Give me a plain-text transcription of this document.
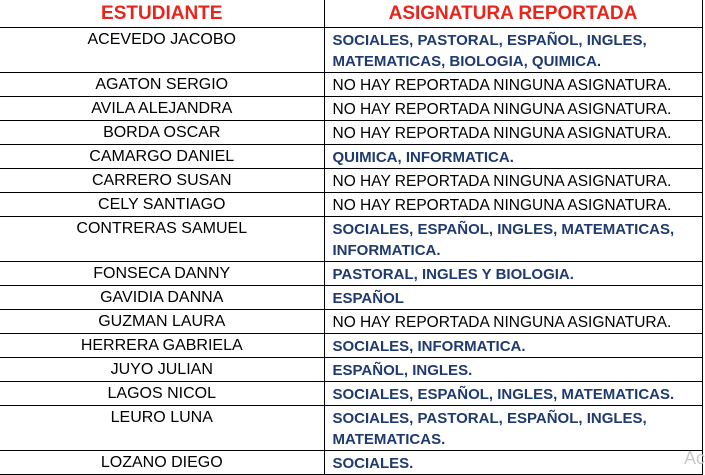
ESTUDIANTE	ASIGNATURA REPORTADA
ACEVEDO JACOBO	SOCIALES, PASTORAL, ESPAÑOL, INGLES, MATEMATICAS, BIOLOGIA, QUIMICA.
AGATON SERGIO	NO HAY REPORTADA NINGUNA ASIGNATURA.
AVILA ALEJANDRA	NO HAY REPORTADA NINGUNA ASIGNATURA.
BORDA OSCAR	NO HAY REPORTADA NINGUNA ASIGNATURA.
CAMARGO DANIEL	QUIMICA, INFORMATICA.
CARRERO SUSAN	NO HAY REPORTADA NINGUNA ASIGNATURA.
CELY SANTIAGO	NO HAY REPORTADA NINGUNA ASIGNATURA.
CONTRERAS SAMUEL	SOCIALES, ESPAÑOL, INGLES, MATEMATICAS, INFORMATICA.
FONSECA DANNY	PASTORAL, INGLES Y BIOLOGIA.
GAVIDIA DANNA	ESPAÑOL
GUZMAN LAURA	NO HAY REPORTADA NINGUNA ASIGNATURA.
HERRERA GABRIELA	SOCIALES, INFORMATICA.
JUYO JULIAN	ESPAÑOL, INGLES.
LAGOS NICOL	SOCIALES, ESPAÑOL, INGLES, MATEMATICAS.
LEURO LUNA	SOCIALES, PASTORAL, ESPAÑOL, INGLES, MATEMATICAS.
LOZANO DIEGO	SOCIALES.	Ac
